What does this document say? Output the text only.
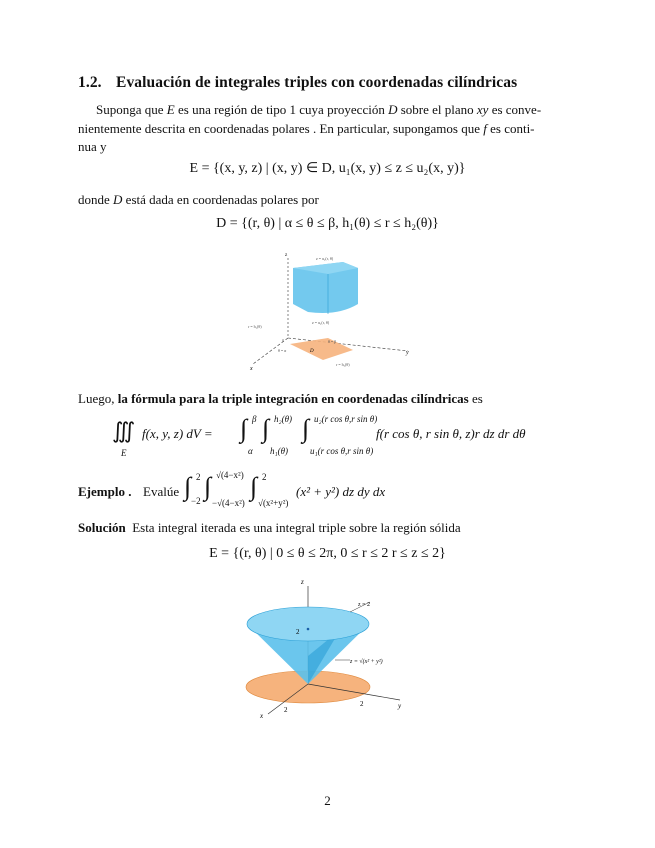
1.2. Evaluación de integrales triples con coordenadas cilíndricas
Suponga que E es una región de tipo 1 cuya proyección D sobre el plano xy es conve-
nientemente descrita en coordenadas polares . En particular, supongamos que f es conti-
nua y
E = {(x, y, z) | (x, y) ∈ D, u₁(x, y) ≤ z ≤ u₂(x, y)}
donde D está dada en coordenadas polares por
D = {(r, θ) | α ≤ θ ≤ β, h₁(θ) ≤ r ≤ h₂(θ)}
z
y
x
D
z = u₂(r, θ)
z = u₁(r, θ)
r = h₁(θ)
θ = β
θ = α
r = h₂(θ)
0
Luego, la fórmula para la triple integración en coordenadas cilíndricas es
∭
E
f(x, y, z) dV = ∫ β
α
∫ h₂(θ)
h₁(θ)
∫ u₂(r cos θ,r sin θ)
u₁(r cos θ,r sin θ)
f(r cos θ, r sin θ, z)r dz dr dθ
Ejemplo . Evalúe ∫ 2
−2 ∫ √(4−x²)
−√(4−x²)
∫ 2
√(x²+y²)
(x² + y²) dz dy dx
Solución Esta integral iterada es una integral triple sobre la región sólida
E = {(r, θ) | 0 ≤ θ ≤ 2π, 0 ≤ r ≤ 2 r ≤ z ≤ 2}
z
2
z = 2
z = √(x² + y²)
2	y
x
2
2
